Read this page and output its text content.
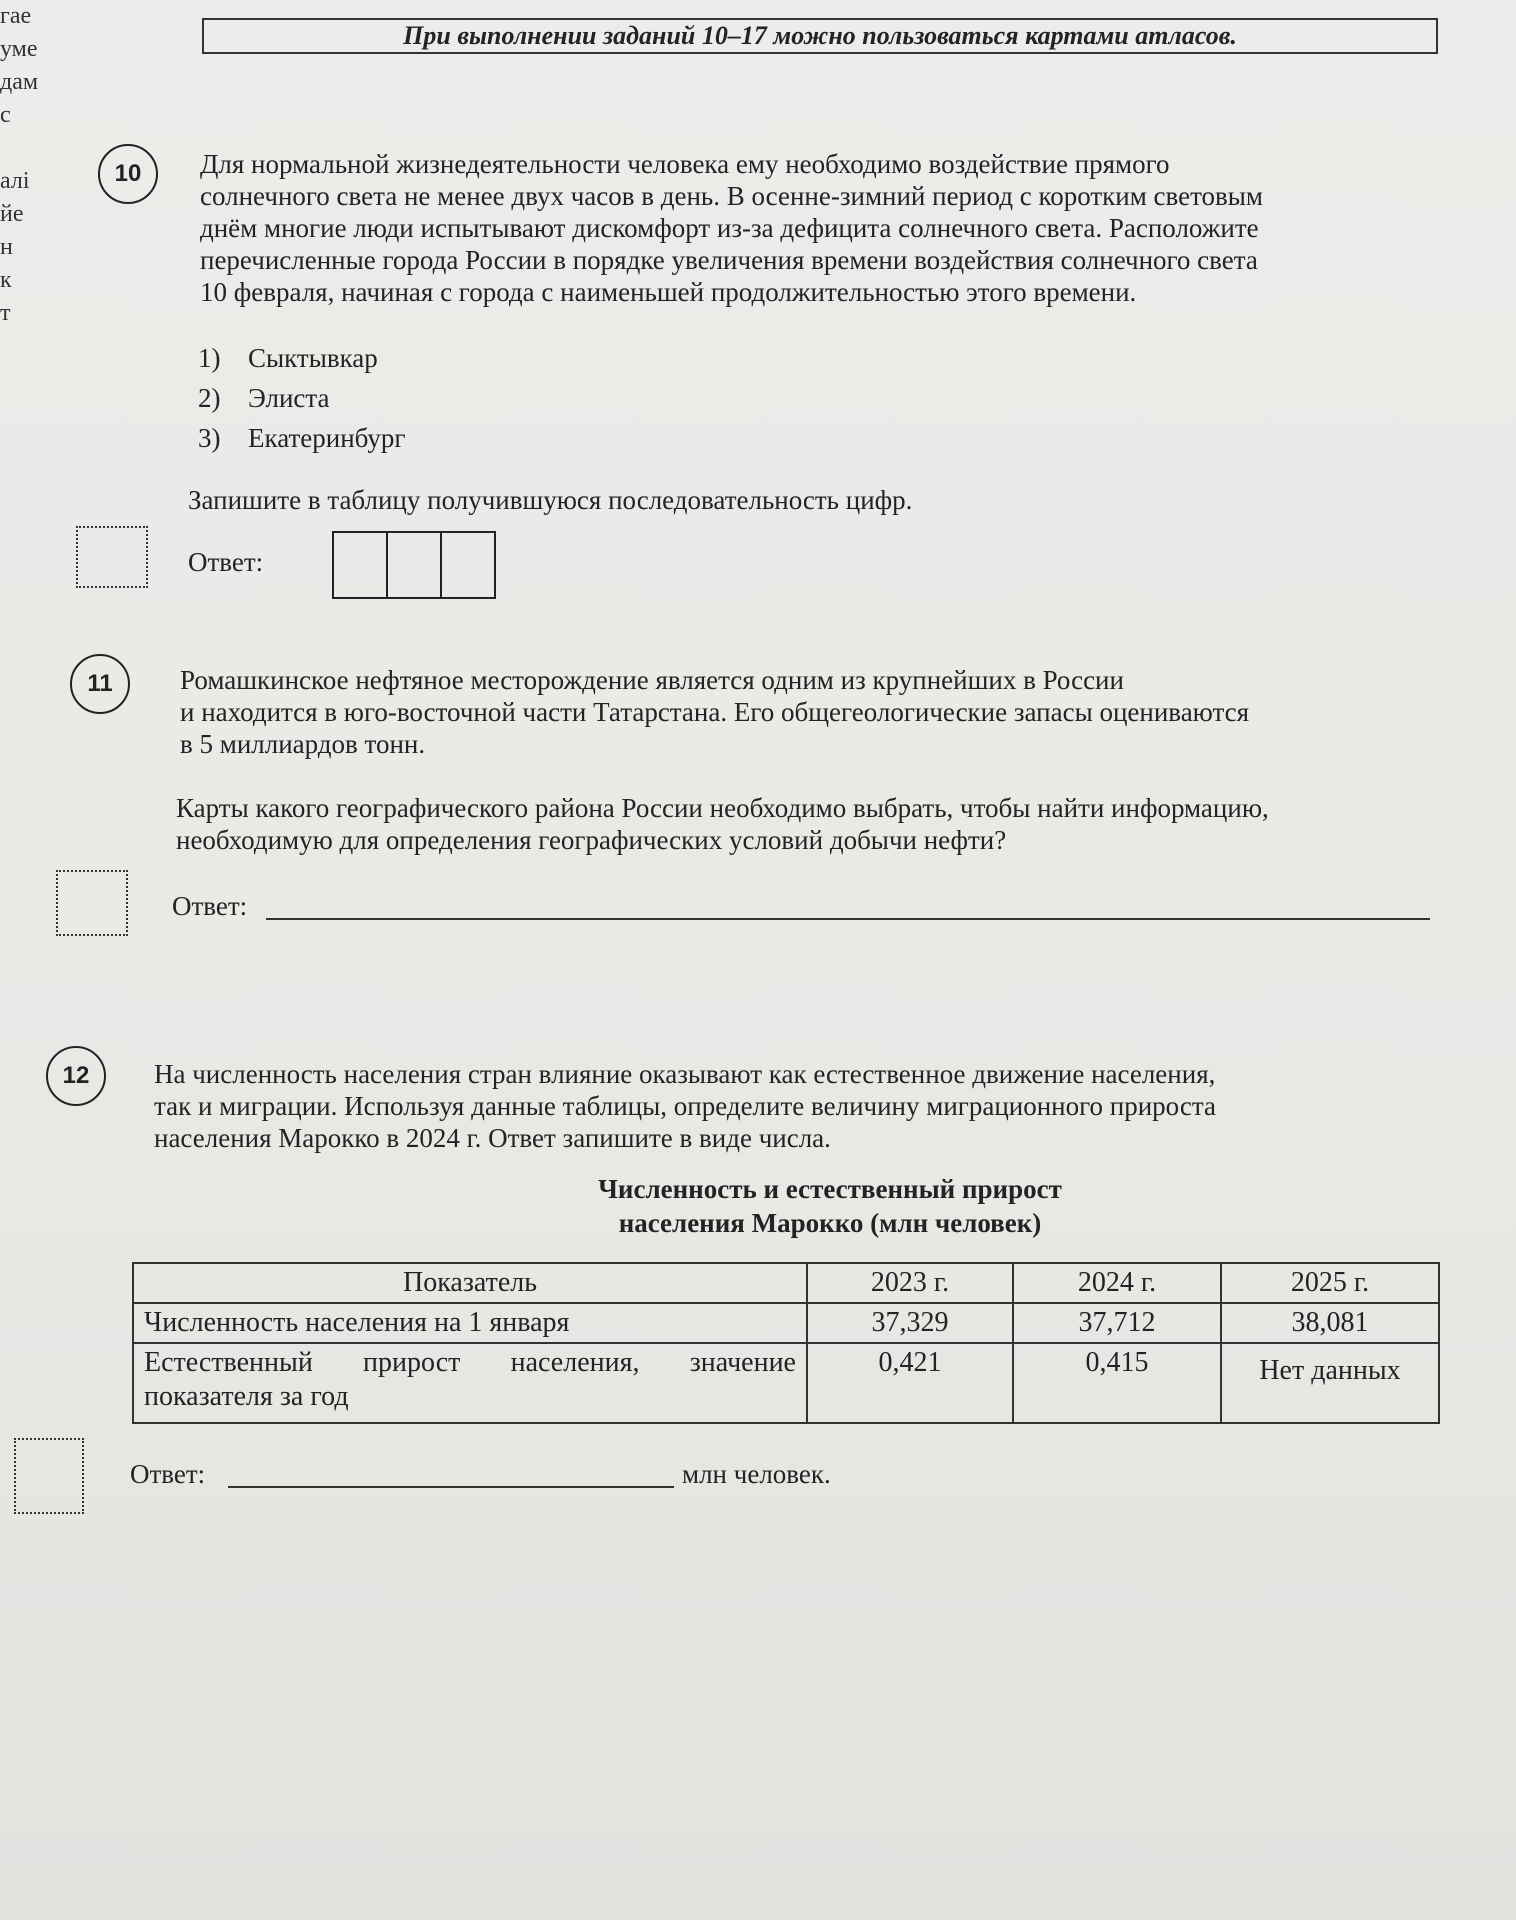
гае
уме
дам
с
алі
йе
н
к
т
При выполнении заданий 10–17 можно пользоваться картами атласов.
10	Для нормальной жизнедеятельности человека ему необходимо воздействие прямого
солнечного света не менее двух часов в день. В осенне-зимний период с коротким световым
днём многие люди испытывают дискомфорт из-за дефицита солнечного света. Расположите
перечисленные города России в порядке увеличения времени воздействия солнечного света
10 февраля, начиная с города с наименьшей продолжительностью этого времени.
1) Сыктывкар
2) Элиста
3) Екатеринбург
Запишите в таблицу получившуюся последовательность цифр.
Ответ:
11	Ромашкинское нефтяное месторождение является одним из крупнейших в России
и находится в юго-восточной части Татарстана. Его общегеологические запасы оцениваются
в 5 миллиардов тонн.
Карты какого географического района России необходимо выбрать, чтобы найти информацию,
необходимую для определения географических условий добычи нефти?
Ответ:
12	На численность населения стран влияние оказывают как естественное движение населения,
так и миграции. Используя данные таблицы, определите величину миграционного прироста
населения Марокко в 2024 г. Ответ запишите в виде числа.
Численность и естественный прирост
населения Марокко (млн человек)
Показатель	2023 г.	2024 г.	2025 г.
Численность населения на 1 января	37,329	37,712	38,081
Естественный прирост населения, значение показателя за год	0,421	0,415	Нет данных
Ответ:	млн человек.
